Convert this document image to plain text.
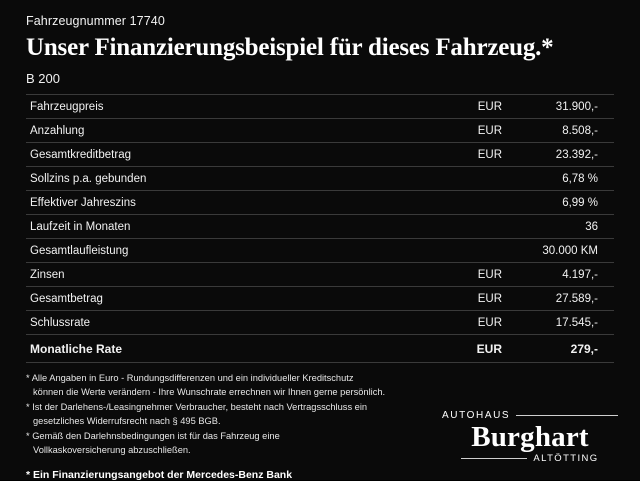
Fahrzeugnummer 17740
Unser Finanzierungsbeispiel für dieses Fahrzeug.*
B 200
Fahrzeugpreis	EUR	31.900,-
Anzahlung	EUR	8.508,-
Gesamtkreditbetrag	EUR	23.392,-
Sollzins p.a. gebunden		6,78 %
Effektiver Jahreszins		6,99 %
Laufzeit in Monaten		36
Gesamtlaufleistung		30.000 KM
Zinsen	EUR	4.197,-
Gesamtbetrag	EUR	27.589,-
Schlussrate	EUR	17.545,-
Monatliche Rate	EUR	279,-

* Alle Angaben in Euro - Rundungsdifferenzen und ein individueller Kreditschutz

können die Werte verändern - Ihre Wunschrate errechnen wir Ihnen gerne persönlich.

* Ist der Darlehens-/Leasingnehmer Verbraucher, besteht nach Vertragsschluss ein

gesetzliches Widerrufsrecht nach § 495 BGB.

* Gemäß den Darlehnsbedingungen ist für das Fahrzeug eine

Vollkaskoversicherung abzuschließen.

* Ein Finanzierungsangebot der Mercedes-Benz Bank
AUTOHAUS
Burghart
ALTÖTTING
